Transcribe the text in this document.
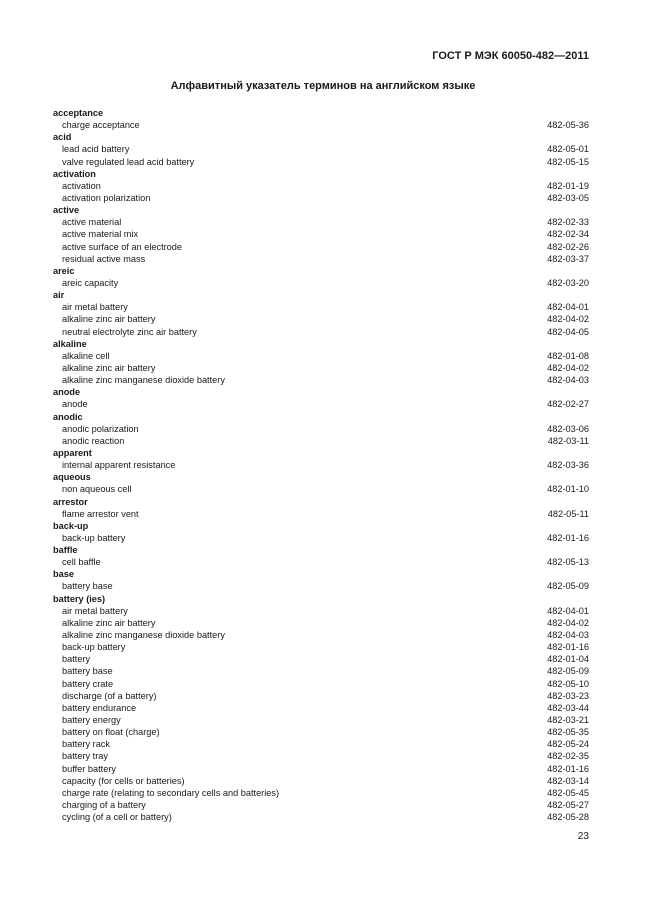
ГОСТ Р МЭК 60050-482—2011
Алфавитный указатель терминов на английском языке
acceptance
charge acceptance	482-05-36
acid
lead acid battery	482-05-01
valve regulated lead acid battery	482-05-15
activation
activation	482-01-19
activation polarization	482-03-05
active
active material	482-02-33
active material mix	482-02-34
active surface of an electrode	482-02-26
residual active mass	482-03-37
areic
areic capacity	482-03-20
air
air metal battery	482-04-01
alkaline zinc air battery	482-04-02
neutral electrolyte zinc air battery	482-04-05
alkaline
alkaline cell	482-01-08
alkaline zinc air battery	482-04-02
alkaline zinc manganese dioxide battery	482-04-03
anode
anode	482-02-27
anodic
anodic polarization	482-03-06
anodic reaction	482-03-11
apparent
internal apparent resistance	482-03-36
aqueous
non aqueous cell	482-01-10
arrestor
flame arrestor vent	482-05-11
back-up
back-up battery	482-01-16
baffle
cell baffle	482-05-13
base
battery base	482-05-09
battery (ies)
air metal battery	482-04-01
alkaline zinc air battery	482-04-02
alkaline zinc manganese dioxide battery	482-04-03
back-up battery	482-01-16
battery	482-01-04
battery base	482-05-09
battery crate	482-05-10
discharge (of a battery)	482-03-23
battery endurance	482-03-44
battery energy	482-03-21
battery on float (charge)	482-05-35
battery rack	482-05-24
battery tray	482-02-35
buffer battery	482-01-16
capacity (for cells or batteries)	482-03-14
charge rate (relating to secondary cells and batteries)	482-05-45
charging of a battery	482-05-27
cycling (of a cell or battery)	482-05-28
23
